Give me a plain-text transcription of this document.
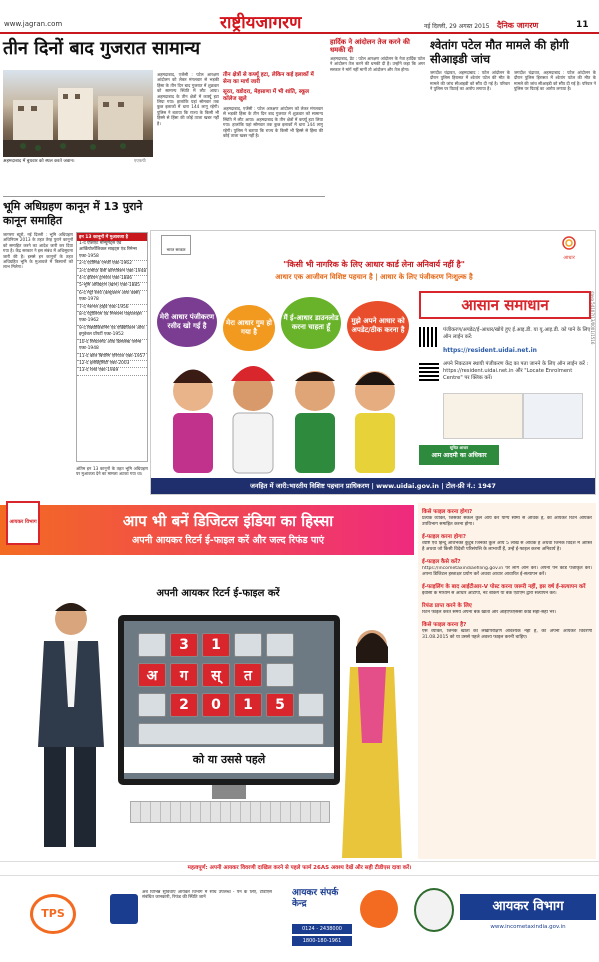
www.jagran.com	राष्ट्रीयजागरण	नई दिल्ली, 29 अगस्त 2015 दैनिक जागरण	11
तीन दिनों बाद गुजरात सामान्य
अहमदाबाद में बुधवार को स्थल करते जवान।	एएफपी
अहमदाबाद, एजेंसी : पटेल आरक्षण आंदोलन को लेकर मंगलवार से भड़की हिंसा के तीन दिन बाद गुजरात में शुक्रवार को सामान्य स्थिति में लौट आया। अहमदाबाद के तीन क्षेत्रों में कर्फ्यू हटा लिया गया। हालांकि यहां सोमवार तक कुछ इलाकों में धारा 144 लागू रहेगी। पुलिस ने बताया कि राज्य के किसी भी हिस्से से हिंसा की कोई ताजा खबर नहीं है।
तीन क्षेत्रों से कर्फ्यू हटा, लेकिन कई इलाकों में सेना का मार्च जारी
सूरत, वडोदरा, मेहसाणा में भी शांति, स्कूल कॉलेज खुले
अहमदाबाद, एजेंसी : पटेल आरक्षण आंदोलन को लेकर मंगलवार से भड़की हिंसा के तीन दिन बाद गुजरात में शुक्रवार को सामान्य स्थिति में लौट आया। अहमदाबाद के तीन क्षेत्रों में कर्फ्यू हटा लिया गया। हालांकि यहां सोमवार तक कुछ इलाकों में धारा 144 लागू रहेगी। पुलिस ने बताया कि राज्य के किसी भी हिस्से से हिंसा की कोई ताजा खबर नहीं है।
हार्दिक ने आंदोलन तेज करने की धमकी दी
अहमदाबाद, प्रेट : पटेल आरक्षण आंदोलन के नेता हार्दिक पटेल ने आंदोलन तेज करने की धमकी दी है। उन्होंने कहा कि अगर सरकार ने मांगें नहीं मानीं तो आंदोलन और तेज होगा।
श्वेतांग पटेल मौत मामले की होगी सीआइडी जांच
जगदीश चंद्रावत, अहमदाबाद : पटेल आंदोलन के दौरान पुलिस हिरासत में श्वेतांग पटेल की मौत के मामले की जांच सीआइडी को सौंप दी गई है। परिवार ने पुलिस पर पिटाई का आरोप लगाया है।
जगदीश चंद्रावत, अहमदाबाद : पटेल आंदोलन के दौरान पुलिस हिरासत में श्वेतांग पटेल की मौत के मामले की जांच सीआइडी को सौंप दी गई है। परिवार ने पुलिस पर पिटाई का आरोप लगाया है।
भूमि अधिग्रहण कानून में 13 पुराने कानून समाहित
जागरण ब्यूरो, नई दिल्ली : भूमि अधिग्रहण अधिनियम 2013 के तहत तेरह पुराने कानूनों को समाहित करने का आदेश जारी कर दिया गया है। केंद्र सरकार ने इस संबंध में अधिसूचना जारी की है। इससे इन कानूनों के तहत अधिग्रहित भूमि के मुआवजे में किसानों को लाभ मिलेगा।
इन 13 कानूनों में मुआवजा है
1-द एंशिएंट मॉन्यूमेंट्स एंड आर्कियोलॉजिकल साइट्स एंड रिमेन्स एक्ट-1958
2-द एटॉमिक एनर्जी एक्ट-1962
3-द दामोदर वैली कॉरपोरेशन एक्ट-1948
4-द इंडियन ट्रामवेज एक्ट-1886
5-भूमि अधिग्रहण (खान) एक्ट-1885
6-द मेट्रो रेलवे (कंस्ट्रक्शन आफ वर्क्स) एक्ट-1978
7-द नेशनल हाईवे एक्ट-1956
8-द पेट्रोलियम एंड मिनरल्स पाइपलाइंस एक्ट-1962
9-द रिक्वीजिशनिंग एंड एक्विजिशन ऑफ इमूवेबल प्रॉपर्टी एक्ट-1952
10-द रिसेटलमेंट ऑफ डिस्प्लेस्ड पर्सन्स एक्ट-1948
11-द कोल बियरिंग एरियाज एक्ट-1957
12-द इलेक्ट्रिसिटी एक्ट-2003
13-द रेलवे एक्ट-1989
अंतिम इन 13 कानूनों के तहत भूमि अधिग्रहण पर मुआवजा देने का मामला अटका गया था।
भारत सरकार
आधार
"किसी भी नागरिक के लिए आधार कार्ड लेना अनिवार्य नहीं है"
आधार एक आजीवन विशिष्ट पहचान है | आधार के लिए पंजीकरण निःशुल्क है
मेरी आधार पंजीकरण रसीद खो गई है	मेरा आधार गुम हो गया है
मैं ई-आधार डाउनलोड करना चाहता हूँ
मुझे अपने आधार को अपडेट/ठीक करना है
आसान समाधान
पंजीकरण/अपडेट/ई-आधार/खोये हुए ई.आइ.डी. या यू.आइ.डी. को पाने के लिए ऑन लाईन करें:
https://resident.uidai.net.in
अपने निकटतम स्थायी पंजीकरण केंद्र का पता जानने के लिए ऑन लाईन करें : https://resident.uidai.net.in और "Locate Enrolment Centre" पर क्लिक करें।
सूचित आधार
आम आदमी का अधिकार
davp 54107/13/0001/1516
जनहित में जारी:भारतीय विशिष्ट पहचान प्राधिकरण | www.uidai.gov.in | टोल-फ्री नं.: 1947
आयकर विभाग	आप भी बनें डिजिटल इंडिया का हिस्सा
अपनी आयकर रिटर्न ई-फाइल करें और जल्द रिफंड पाएं
अपनी आयकर रिटर्न ई-फाइल करें
3	1
अ	ग	स्	त
2	0	1	5
को या उससे पहले
किसे फाइल करना होगा?
प्रत्येक व्यक्ति, जिसकी सकल कुल आय कर योग्य सीमा से अधिक है, को आयकर रिटर्न आयकर उपविभाग समाहित करना होगा।
ई-फाइल करना होगा?
व्यष्टि एवं हिन्दू अविभक्त कुटुंब जिनकी कुल आय 5 लाख से अधिक है अथवा जिनके विदेश में आस्ति है अथवा जो किसी विदेशी परिसंपत्ति के लाभार्थी हैं, उन्हें ई-फाइल करना अनिवार्य है।
ई-फाइल कैसे करें?
https://incometaxindiaefiling.gov.in पर लॉग ऑन करें। अपना पैन कार्ड पंजीकृत करें। अपना डिजिटल हस्ताक्षर प्रयोग करें अथवा आधार आधारित ई-सत्यापन करें।
ई-फाइलिंग के बाद आईटीआर-V पोस्ट करना जरूरी नहीं, इस वर्ष ई-सत्यापन करें
ईवीसी के माध्यम से आधार ओटीपी, नेट बैंकिंग या बैंक एटीएम द्वारा सत्यापन करें।
रिफंड प्राप्त करने के लिए
रिटर्न फाइल करते समय अपना बैंक खाता और आईएफएससी कोड सही-सही भरें।
किसे फाइल करना है?
ऐसे व्यक्ति, जिनके खातों का लेखापरीक्षण आवश्यक नहीं है, को अपनी आयकर विवरणी 31.08.2015 को या उससे पहले अवश्य फाइल करनी चाहिए।
महत्वपूर्ण: अपनी आयकर विवरणी दाखिल करने से पहले फार्म 26AS अवश्य देखें और सही टीडीएस दावा करें।
TPS
अब विभिन्न सुविधाएं आयकर विभाग में सीधे उपलब्ध - पैन के लिए, टीडीएस संबंधित जानकारी, रिफंड की स्थिति जानें	आयकर संपर्क केन्द्र
0124 - 2438000
1800-180-1961
आयकर विभाग
www.incometaxindia.gov.in
